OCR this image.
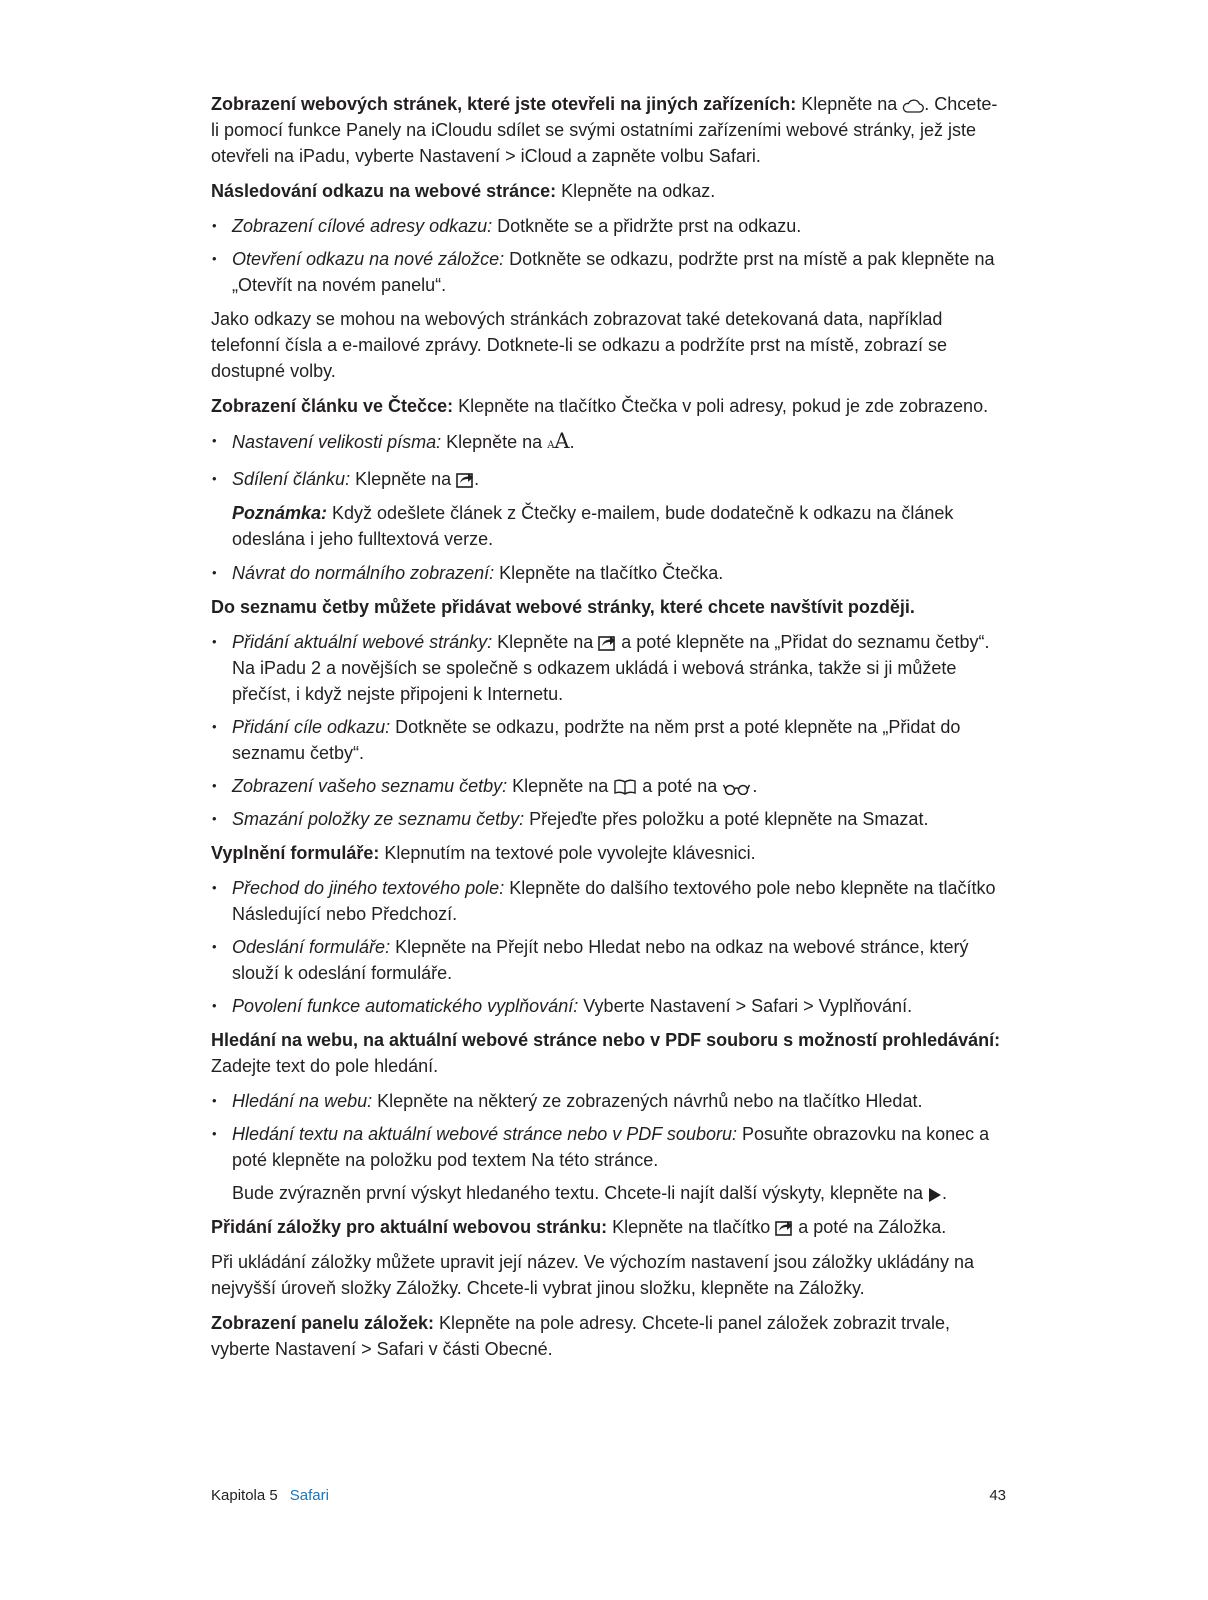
Zobrazení webových stránek, které jste otevřeli na jiných zařízeních: Klepněte na . Chcete-li pomocí funkce Panely na iCloudu sdílet se svými ostatními zařízeními webové stránky, jež jste otevřeli na iPadu, vyberte Nastavení > iCloud a zapněte volbu Safari.

Následování odkazu na webové stránce: Klepněte na odkaz.

• Zobrazení cílové adresy odkazu: Dotkněte se a přidržte prst na odkazu.
• Otevření odkazu na nové záložce: Dotkněte se odkazu, podržte prst na místě a pak klepněte na „Otevřít na novém panelu“.

Jako odkazy se mohou na webových stránkách zobrazovat také detekovaná data, například telefonní čísla a e-mailové zprávy. Dotknete-li se odkazu a podržíte prst na místě, zobrazí se dostupné volby.

Zobrazení článku ve Čtečce: Klepněte na tlačítko Čtečka v poli adresy, pokud je zde zobrazeno.

• Nastavení velikosti písma: Klepněte na AA.
• Sdílení článku: Klepněte na .

Poznámka: Když odešlete článek z Čtečky e-mailem, bude dodatečně k odkazu na článek odeslána i jeho fulltextová verze.

• Návrat do normálního zobrazení: Klepněte na tlačítko Čtečka.

Do seznamu četby můžete přidávat webové stránky, které chcete navštívit později.

• Přidání aktuální webové stránky: Klepněte na  a poté klepněte na „Přidat do seznamu četby“. Na iPadu 2 a novějších se společně s odkazem ukládá i webová stránka, takže si ji můžete přečíst, i když nejste připojeni k Internetu.
• Přidání cíle odkazu: Dotkněte se odkazu, podržte na něm prst a poté klepněte na „Přidat do seznamu četby“.
• Zobrazení vašeho seznamu četby: Klepněte na  a poté na .
• Smazání položky ze seznamu četby: Přejeďte přes položku a poté klepněte na Smazat.

Vyplnění formuláře: Klepnutím na textové pole vyvolejte klávesnici.

• Přechod do jiného textového pole: Klepněte do dalšího textového pole nebo klepněte na tlačítko Následující nebo Předchozí.
• Odeslání formuláře: Klepněte na Přejít nebo Hledat nebo na odkaz na webové stránce, který slouží k odeslání formuláře.
• Povolení funkce automatického vyplňování: Vyberte Nastavení > Safari > Vyplňování.

Hledání na webu, na aktuální webové stránce nebo v PDF souboru s možností prohledávání: Zadejte text do pole hledání.

• Hledání na webu: Klepněte na některý ze zobrazených návrhů nebo na tlačítko Hledat.
• Hledání textu na aktuální webové stránce nebo v PDF souboru: Posuňte obrazovku na konec a poté klepněte na položku pod textem Na této stránce.

Bude zvýrazněn první výskyt hledaného textu. Chcete-li najít další výskyty, klepněte na .

Přidání záložky pro aktuální webovou stránku: Klepněte na tlačítko  a poté na Záložka.

Při ukládání záložky můžete upravit její název. Ve výchozím nastavení jsou záložky ukládány na nejvyšší úroveň složky Záložky. Chcete-li vybrat jinou složku, klepněte na Záložky.

Zobrazení panelu záložek: Klepněte na pole adresy. Chcete-li panel záložek zobrazit trvale, vyberte Nastavení > Safari v části Obecné.

Kapitola 5 Safari	43
